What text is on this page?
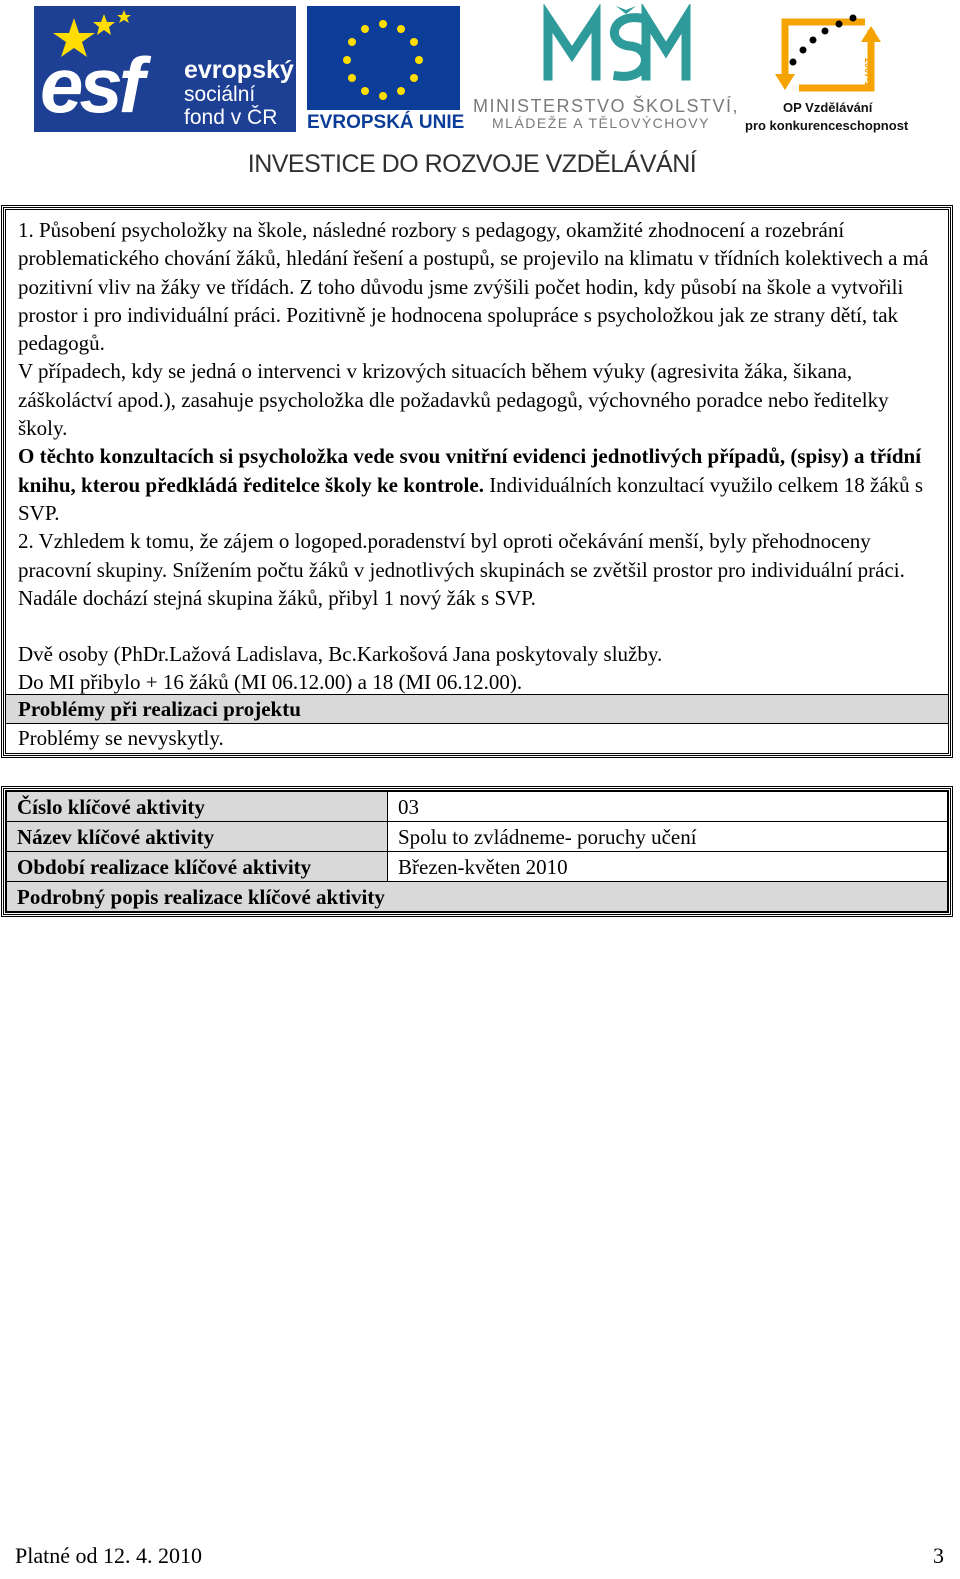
esf evropský
sociální
fond v ČR EVROPSKÁ UNIE
MINISTERSTVO ŠKOLSTVÍ,
MLÁDEŽE A TĚLOVÝCHOVY
2007-13
OP Vzdělávání
pro konkurenceschopnost
INVESTICE DO ROZVOJE VZDĚLÁVÁNÍ

1. Působení psycholožky na škole, následné rozbory s pedagogy, okamžité zhodnocení a rozebrání problematického chování žáků, hledání řešení a postupů, se projevilo na klimatu v třídních kolektivech a má pozitivní vliv na žáky ve třídách. Z toho důvodu jsme zvýšili počet hodin, kdy působí na škole a vytvořili prostor i pro individuální práci. Pozitivně je hodnocena spolupráce s psycholožkou jak ze strany dětí, tak pedagogů.

V případech, kdy se jedná o intervenci v krizových situacích během výuky (agresivita žáka, šikana, záškoláctví apod.), zasahuje psycholožka dle požadavků pedagogů, výchovného poradce nebo ředitelky školy.

O těchto konzultacích si psycholožka vede svou vnitřní evidenci jednotlivých případů, (spisy) a třídní knihu, kterou předkládá ředitelce školy ke kontrole. Individuálních konzultací využilo celkem 18 žáků s SVP.

2. Vzhledem k tomu, že zájem o logoped.poradenství byl oproti očekávání menší, byly přehodnoceny pracovní skupiny. Snížením počtu žáků v jednotlivých skupinách se zvětšil prostor pro individuální práci. Nadále dochází stejná skupina žáků, přibyl 1 nový žák s SVP.

Dvě osoby (PhDr.Lažová Ladislava, Bc.Karkošová Jana poskytovaly služby.

Do MI přibylo + 16 žáků (MI 06.12.00) a 18 (MI 06.12.00).

Problémy při realizaci projektu
Problémy se nevyskytly.
Číslo klíčové aktivity	03
Název klíčové aktivity	Spolu to zvládneme- poruchy učení
Období realizace klíčové aktivity	Březen-květen 2010
Podrobný popis realizace klíčové aktivity	
Platné od 12. 4. 2010	3
